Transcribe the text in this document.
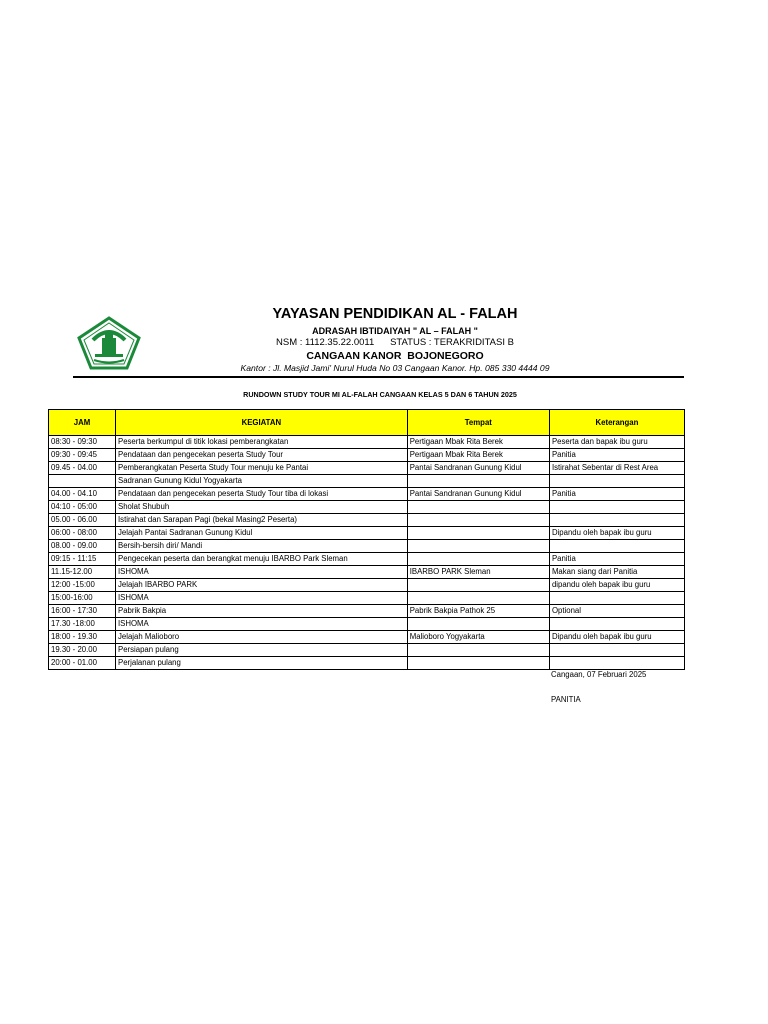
YAYASAN PENDIDIKAN AL - FALAH
ADRASAH IBTIDAIYAH " AL – FALAH "
NSM : 1112.35.22.0011      STATUS : TERAKRIDITASI B
CANGAAN KANOR  BOJONEGORO
Kantor : Jl. Masjid Jami' Nurul Huda No 03 Cangaan Kanor. Hp. 085 330 4444 09
RUNDOWN STUDY TOUR MI AL-FALAH CANGAAN KELAS 5 DAN 6 TAHUN 2025
JAM	KEGIATAN	Tempat	Keterangan
08:30 - 09:30	Peserta berkumpul di titik lokasi pemberangkatan	Pertigaan Mbak Rita Berek	Peserta dan bapak ibu guru
09:30 - 09:45	Pendataan dan pengecekan peserta Study Tour	Pertigaan Mbak Rita Berek	Panitia
09.45 - 04.00	Pemberangkatan Peserta Study Tour menuju ke Pantai	Pantai Sandranan Gunung Kidul	Istirahat Sebentar di Rest Area
	Sadranan Gunung Kidul Yogyakarta		
04.00 - 04.10	Pendataan dan pengecekan peserta Study Tour tiba di lokasi	Pantai Sandranan Gunung Kidul	Panitia
04:10 - 05:00	Sholat Shubuh		
05.00 - 06.00	Istirahat dan Sarapan Pagi (bekal Masing2 Peserta)		
06:00 - 08:00	Jelajah Pantai Sadranan Gunung Kidul		Dipandu oleh bapak ibu guru
08.00 - 09.00	Bersih-bersih diri/ Mandi		
09:15 - 11:15	Pengecekan peserta dan berangkat menuju IBARBO Park Sleman		Panitia
11.15-12.00	ISHOMA	IBARBO PARK Sleman	Makan siang dari Panitia
12:00 -15:00	Jelajah IBARBO PARK		dipandu oleh bapak ibu guru
15:00-16:00	ISHOMA		
16:00 - 17:30	Pabrik Bakpia	Pabrik Bakpia Pathok 25	Optional
17.30 -18:00	ISHOMA		
18:00 - 19.30	Jelajah Malioboro	Malioboro Yogyakarta	Dipandu oleh bapak ibu guru
19.30 - 20.00	Persiapan pulang		
20:00 - 01.00	Perjalanan pulang		
Cangaan, 07 Februari 2025
PANITIA
